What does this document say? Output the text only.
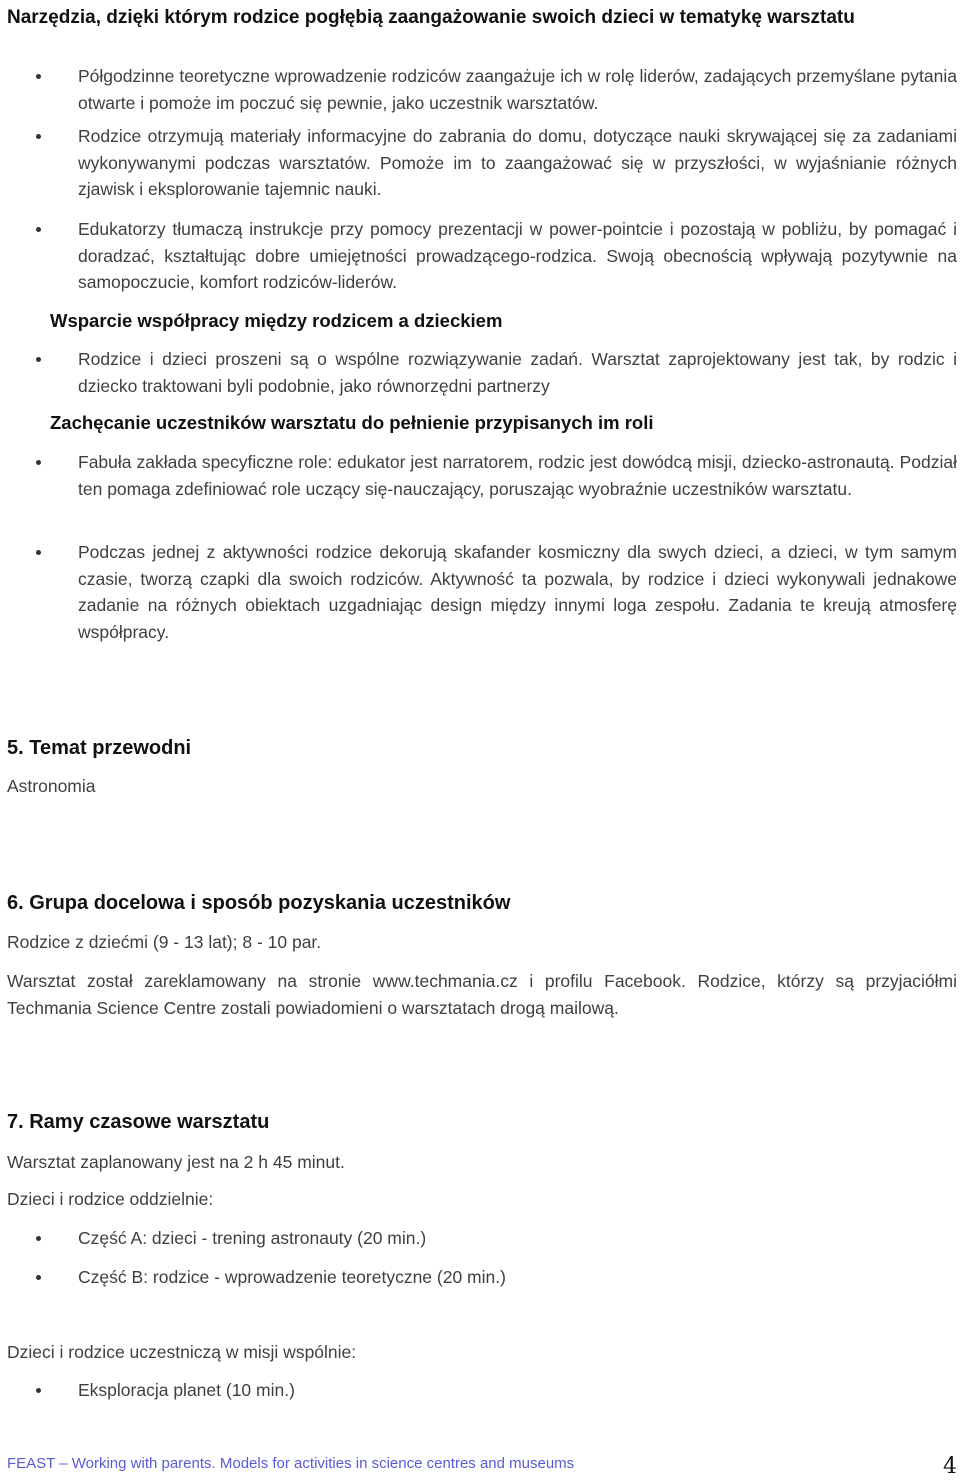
Narzędzia, dzięki którym rodzice pogłębią zaangażowanie swoich dzieci w tematykę warsztatu
Półgodzinne teoretyczne wprowadzenie rodziców zaangażuje ich w rolę liderów, zadających przemyślane pytania otwarte i pomoże im poczuć się pewnie, jako uczestnik warsztatów.
Rodzice otrzymują materiały informacyjne do zabrania do domu, dotyczące nauki skrywającej się za zadaniami wykonywanymi podczas warsztatów. Pomoże im to zaangażować się w przyszłości, w wyjaśnianie różnych zjawisk i eksplorowanie tajemnic nauki.
Edukatorzy tłumaczą instrukcje przy pomocy prezentacji w power-pointcie i pozostają w pobliżu, by pomagać i doradzać, kształtując dobre umiejętności prowadzącego-rodzica. Swoją obecnością wpływają pozytywnie na samopoczucie, komfort rodziców-liderów.
Wsparcie współpracy między rodzicem a dzieckiem
Rodzice i dzieci proszeni są o wspólne rozwiązywanie zadań. Warsztat zaprojektowany jest tak, by rodzic i dziecko traktowani byli podobnie, jako równorzędni partnerzy
Zachęcanie uczestników warsztatu do pełnienie przypisanych im roli
Fabuła zakłada specyficzne role: edukator jest narratorem, rodzic jest dowódcą misji, dziecko-astronautą. Podział ten pomaga zdefiniować role uczący się-nauczający, poruszając wyobraźnie uczestników warsztatu.
Podczas jednej z aktywności rodzice dekorują skafander kosmiczny dla swych dzieci, a dzieci, w tym samym czasie, tworzą czapki dla swoich rodziców. Aktywność ta pozwala, by rodzice i dzieci wykonywali jednakowe zadanie na różnych obiektach uzgadniając design między innymi loga zespołu. Zadania te kreują atmosferę współpracy.
5. Temat przewodni
Astronomia
6. Grupa docelowa i sposób pozyskania uczestników
Rodzice z dziećmi (9 - 13 lat); 8 - 10 par.
Warsztat został zareklamowany na stronie www.techmania.cz i profilu Facebook. Rodzice, którzy są przyjaciółmi Techmania Science Centre zostali powiadomieni o warsztatach drogą mailową.
7. Ramy czasowe warsztatu
Warsztat zaplanowany jest na 2 h 45 minut.
Dzieci i rodzice oddzielnie:
Część A: dzieci - trening astronauty (20 min.)
Część B: rodzice - wprowadzenie teoretyczne (20 min.)
Dzieci i rodzice uczestniczą w misji wspólnie:
Eksploracja planet (10 min.)
FEAST – Working with parents. Models for activities in science centres and museums	4
